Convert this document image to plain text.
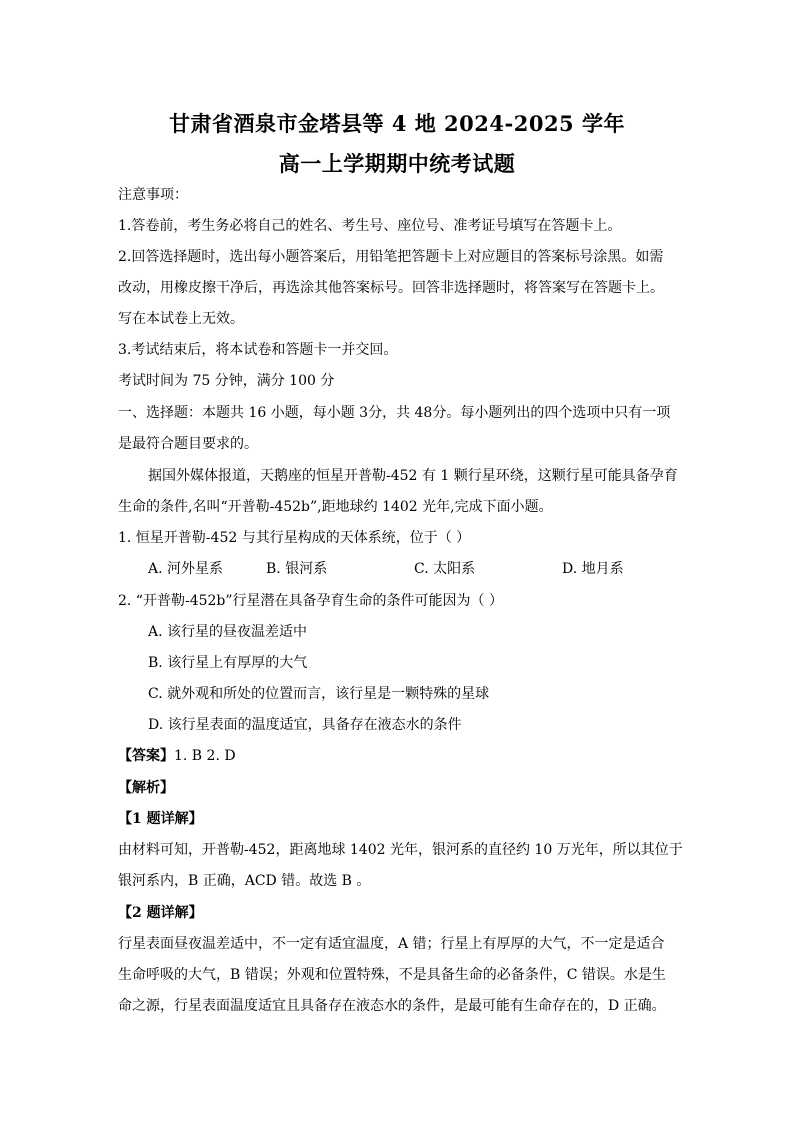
甘肃省酒泉市金塔县等 4 地 2024-2025 学年
高一上学期期中统考试题
注意事项：
1.答卷前，考生务必将自己的姓名、考生号、座位号、准考证号填写在答题卡上。
2.回答选择题时，选出每小题答案后，用铅笔把答题卡上对应题目的答案标号涂黑。如需
改动，用橡皮擦干净后，再选涂其他答案标号。回答非选择题时，将答案写在答题卡上。
写在本试卷上无效。
3.考试结束后，将本试卷和答题卡一并交回。
考试时间为 75 分钟，满分 100 分
一、选择题：本题共 16 小题，每小题 3分，共 48分。每小题列出的四个选项中只有一项
是最符合题目要求的。
据国外媒体报道，天鹅座的恒星开普勒-452 有 1 颗行星环绕，这颗行星可能具备孕育
生命的条件,名叫“开普勒-452b”,距地球约 1402 光年,完成下面小题。
1. 恒星开普勒-452 与其行星构成的天体系统，位于（ ）
A. 河外星系	B. 银河系	C. 太阳系	D. 地月系
2. “开普勒-452b”行星潜在具备孕育生命的条件可能因为（ ）
A. 该行星的昼夜温差适中
B. 该行星上有厚厚的大气
C. 就外观和所处的位置而言，该行星是一颗特殊的星球
D. 该行星表面的温度适宜，具备存在液态水的条件
【答案】1. B 2. D
【解析】
【1 题详解】
由材料可知，开普勒-452，距离地球 1402 光年，银河系的直径约 10 万光年，所以其位于
银河系内，B 正确，ACD 错。故选 B 。
【2 题详解】
行星表面昼夜温差适中，不一定有适宜温度，A 错；行星上有厚厚的大气，不一定是适合
生命呼吸的大气，B 错误；外观和位置特殊，不是具备生命的必备条件，C 错误。水是生
命之源，行星表面温度适宜且具备存在液态水的条件，是最可能有生命存在的，D 正确。
